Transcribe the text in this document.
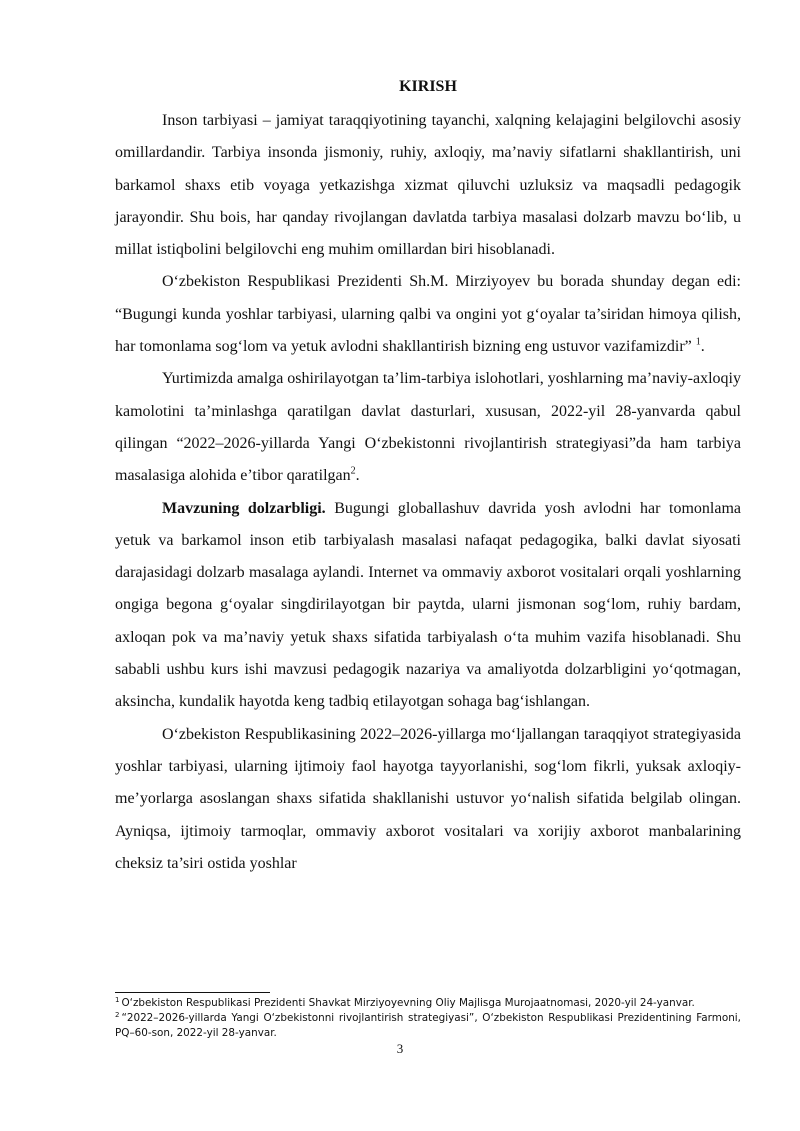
KIRISH

Inson tarbiyasi – jamiyat taraqqiyotining tayanchi, xalqning kelajagini belgilovchi asosiy omillardandir. Tarbiya insonda jismoniy, ruhiy, axloqiy, ma’naviy sifatlarni shakllantirish, uni barkamol shaxs etib voyaga yetkazishga xizmat qiluvchi uzluksiz va maqsadli pedagogik jarayondir. Shu bois, har qanday rivojlangan davlatda tarbiya masalasi dolzarb mavzu bo‘lib, u millat istiqbolini belgilovchi eng muhim omillardan biri hisoblanadi.

O‘zbekiston Respublikasi Prezidenti Sh.M. Mirziyoyev bu borada shunday degan edi: “Bugungi kunda yoshlar tarbiyasi, ularning qalbi va ongini yot g‘oyalar ta’siridan himoya qilish, har tomonlama sog‘lom va yetuk avlodni shakllantirish bizning eng ustuvor vazifamizdir” $^1$.

Yurtimizda amalga oshirilayotgan ta’lim-tarbiya islohotlari, yoshlarning ma’naviy-axloqiy kamolotini ta’minlashga qaratilgan davlat dasturlari, xususan, 2022-yil 28-yanvarda qabul qilingan “2022–2026-yillarda Yangi O‘zbekistonni rivojlantirish strategiyasi”da ham tarbiya masalasiga alohida e’tibor qaratilgan$^2$.

Mavzuning dolzarbligi. Bugungi globallashuv davrida yosh avlodni har tomonlama yetuk va barkamol inson etib tarbiyalash masalasi nafaqat pedagogika, balki davlat siyosati darajasidagi dolzarb masalaga aylandi. Internet va ommaviy axborot vositalari orqali yoshlarning ongiga begona g‘oyalar singdirilayotgan bir paytda, ularni jismonan sog‘lom, ruhiy bardam, axloqan pok va ma’naviy yetuk shaxs sifatida tarbiyalash o‘ta muhim vazifa hisoblanadi. Shu sababli ushbu kurs ishi mavzusi pedagogik nazariya va amaliyotda dolzarbligini yo‘qotmagan, aksincha, kundalik hayotda keng tadbiq etilayotgan sohaga bag‘ishlangan.

O‘zbekiston Respublikasining 2022–2026-yillarga mo‘ljallangan taraqqiyot strategiyasida yoshlar tarbiyasi, ularning ijtimoiy faol hayotga tayyorlanishi, sog‘lom fikrli, yuksak axloqiy-me’yorlarga asoslangan shaxs sifatida shakllanishi ustuvor yo‘nalish sifatida belgilab olingan. Ayniqsa, ijtimoiy tarmoqlar, ommaviy axborot vositalari va xorijiy axborot manbalarining cheksiz ta’siri ostida yoshlar

$^1$ O‘zbekiston Respublikasi Prezidenti Shavkat Mirziyoyevning Oliy Majlisga Murojaatnomasi, 2020-yil 24-yanvar.

$^2$ “2022–2026-yillarda Yangi O‘zbekistonni rivojlantirish strategiyasi”, O‘zbekiston Respublikasi Prezidentining Farmoni, PQ–60-son, 2022-yil 28-yanvar.

3
